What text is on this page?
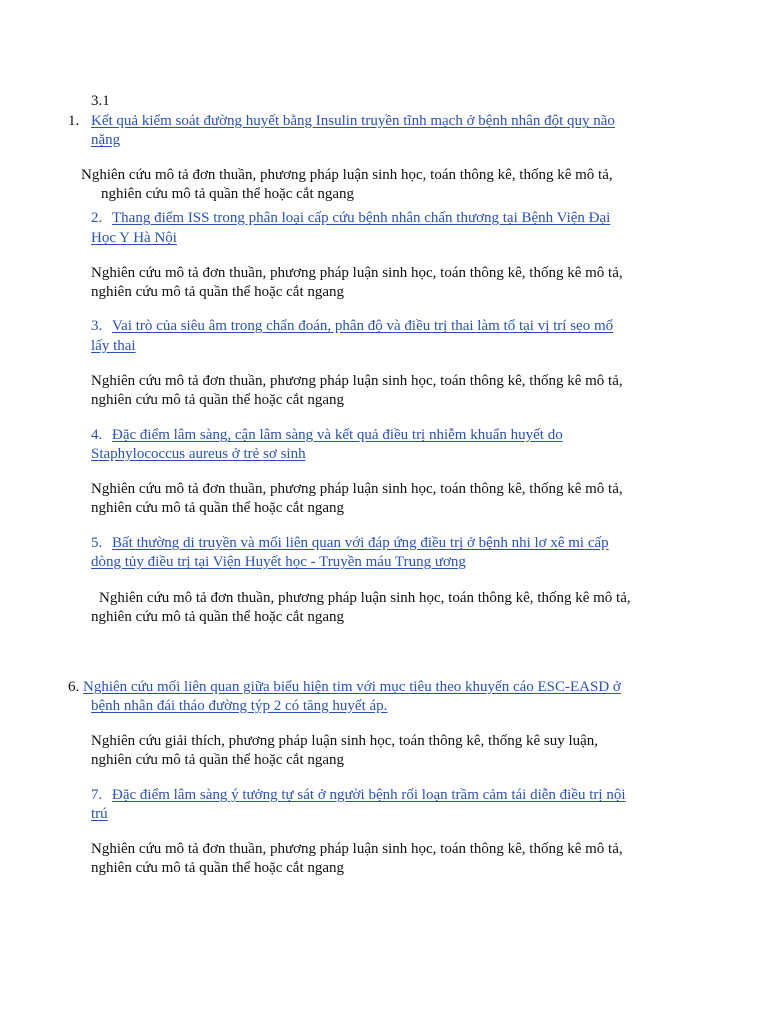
3.1
1. Kết quả kiểm soát đường huyết bằng Insulin truyền tĩnh mạch ở bệnh nhân đột quỵ não
nặng
Nghiên cứu mô tả đơn thuần, phương pháp luận sinh học, toán thông kê, thống kê mô tả,
nghiên cứu mô tả quần thể hoặc cắt ngang
2. Thang điểm ISS trong phân loại cấp cứu bệnh nhân chấn thương tại Bệnh Viện Đại
Học Y Hà Nội
Nghiên cứu mô tả đơn thuần, phương pháp luận sinh học, toán thông kê, thống kê mô tả,
nghiên cứu mô tả quần thể hoặc cắt ngang
3. Vai trò của siêu âm trong chẩn đoán, phân độ và điều trị thai làm tổ tại vị trí sẹo mổ
lấy thai
Nghiên cứu mô tả đơn thuần, phương pháp luận sinh học, toán thông kê, thống kê mô tả,
nghiên cứu mô tả quần thể hoặc cắt ngang
4. Đặc điểm lâm sàng, cận lâm sàng và kết quả điều trị nhiễm khuẩn huyết do
Staphylococcus aureus ở trẻ sơ sinh
Nghiên cứu mô tả đơn thuần, phương pháp luận sinh học, toán thông kê, thống kê mô tả,
nghiên cứu mô tả quần thể hoặc cắt ngang
5. Bất thường di truyền và mối liên quan với đáp ứng điều trị ở bệnh nhi lơ xê mi cấp
dòng tủy điều trị tại Viện Huyết học - Truyền máu Trung ương
Nghiên cứu mô tả đơn thuần, phương pháp luận sinh học, toán thông kê, thống kê mô tả,
nghiên cứu mô tả quần thể hoặc cắt ngang
6. Nghiên cứu mối liên quan giữa biểu hiện tim với mục tiêu theo khuyến cáo ESC-EASD ở
bệnh nhân đái tháo đường týp 2 có tăng huyết áp.
Nghiên cứu giải thích, phương pháp luận sinh học, toán thông kê, thống kê suy luận,
nghiên cứu mô tả quần thể hoặc cắt ngang
7. Đặc điểm lâm sàng ý tưởng tự sát ở người bệnh rối loạn trầm cảm tái diễn điều trị nội
trú
Nghiên cứu mô tả đơn thuần, phương pháp luận sinh học, toán thông kê, thống kê mô tả,
nghiên cứu mô tả quần thể hoặc cắt ngang
